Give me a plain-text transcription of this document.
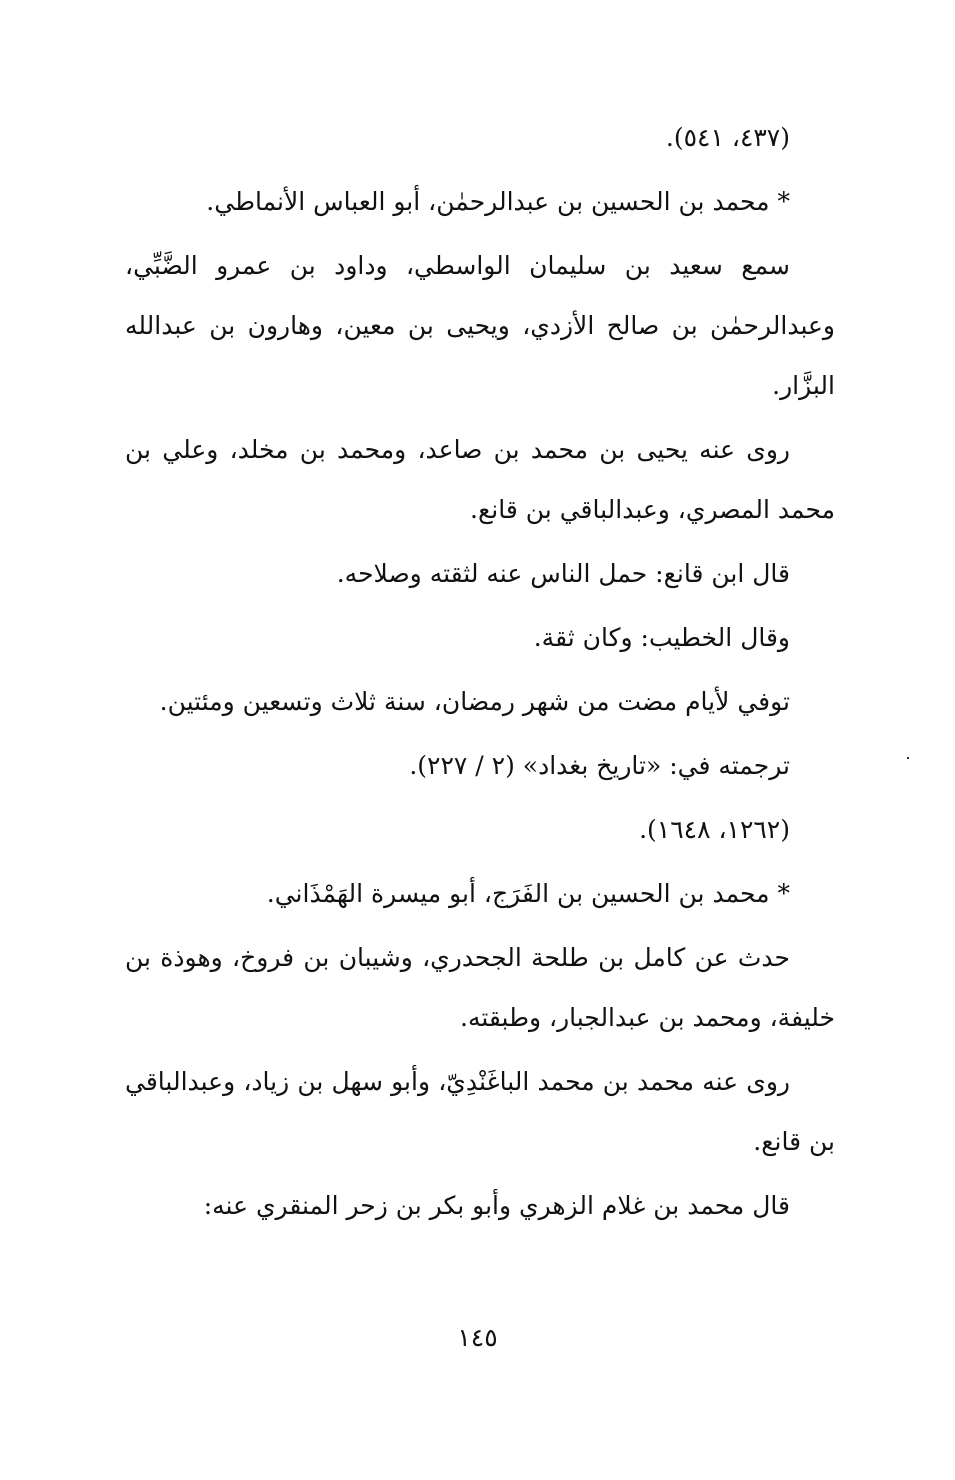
(٤٣٧، ٥٤١).

* محمد بن الحسين بن عبدالرحمٰن، أبو العباس الأنماطي.

سمع سعيد بن سليمان الواسطي، وداود بن عمرو الضَّبِّي، وعبدالرحمٰن بن صالح الأزدي، ويحيى بن معين، وهارون بن عبدالله البزَّار.

روى عنه يحيى بن محمد بن صاعد، ومحمد بن مخلد، وعلي بن محمد المصري، وعبدالباقي بن قانع.

قال ابن قانع: حمل الناس عنه لثقته وصلاحه.

وقال الخطيب: وكان ثقة.

توفي لأيام مضت من شهر رمضان، سنة ثلاث وتسعين ومئتين.

ترجمته في: «تاريخ بغداد» (٢ / ٢٢٧).

(١٢٦٢، ١٦٤٨).

* محمد بن الحسين بن الفَرَج، أبو ميسرة الهَمْذَاني.

حدث عن كامل بن طلحة الجحدري، وشيبان بن فروخ، وهوذة بن خليفة، ومحمد بن عبدالجبار، وطبقته.

روى عنه محمد بن محمد الباغَنْدِيّ، وأبو سهل بن زياد، وعبدالباقي بن قانع.

قال محمد بن غلام الزهري وأبو بكر بن زحر المنقري عنه:

١٤٥
